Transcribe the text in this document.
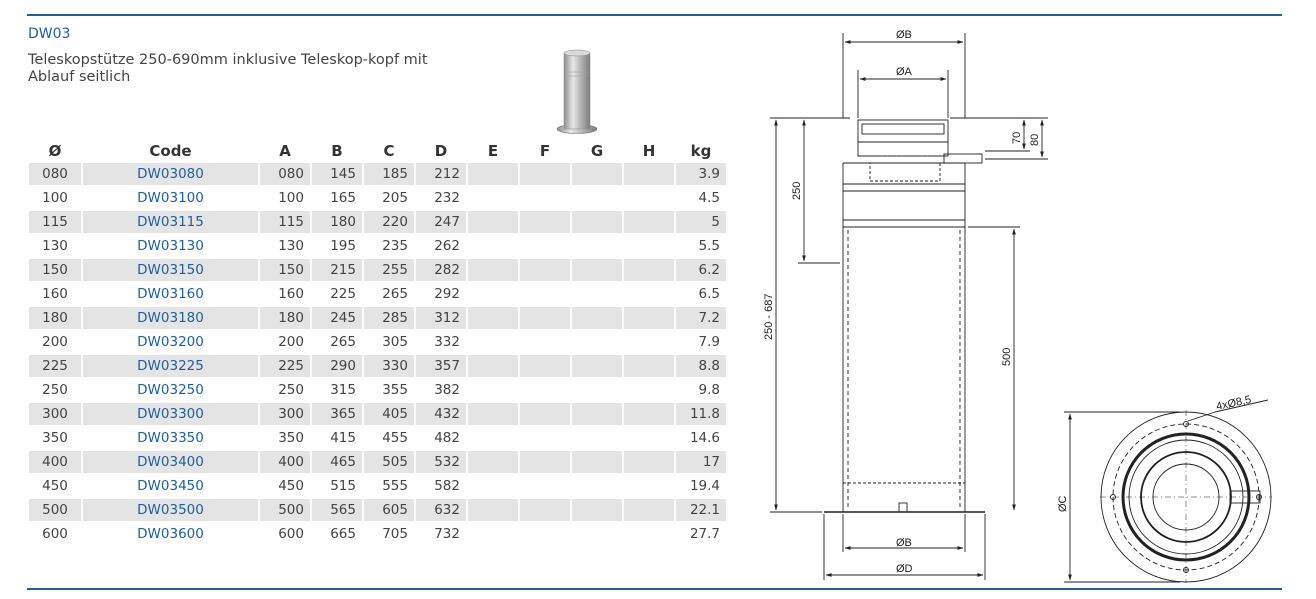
DW03
Teleskopstütze 250-690mm inklusive Teleskop-kopf mit Ablauf seitlich
Ø	Code	A	B	C	D	E	F	G	H	kg
080	DW03080	080	145	185	212					3.9
100	DW03100	100	165	205	232					4.5
115	DW03115	115	180	220	247					5
130	DW03130	130	195	235	262					5.5
150	DW03150	150	215	255	282					6.2
160	DW03160	160	225	265	292					6.5
180	DW03180	180	245	285	312					7.2
200	DW03200	200	265	305	332					7.9
225	DW03225	225	290	330	357					8.8
250	DW03250	250	315	355	382					9.8
300	DW03300	300	365	405	432					11.8
350	DW03350	350	415	455	482					14.6
400	DW03400	400	465	505	532					17
450	DW03450	450	515	555	582					19.4
500	DW03500	500	565	605	632					22.1
600	DW03600	600	665	705	732					27.7
ØB
ØA
250
250 - 687
70 80
500
ØB
ØD
ØC
4xØ8,5
